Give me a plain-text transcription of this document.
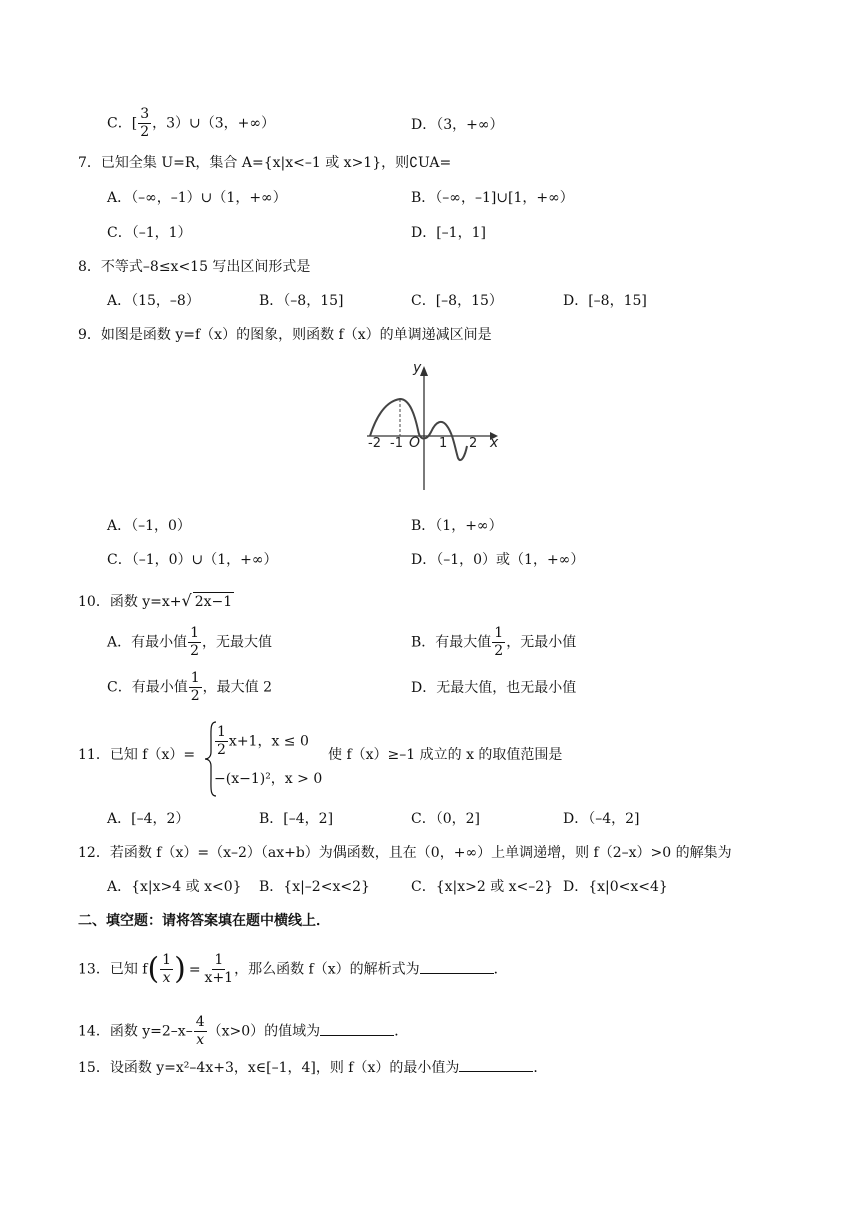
C．[ $\frac{3}{2}$ ，3）∪（3，+∞）	D．（3，+∞）
7．已知全集 U=R，集合 A={x|x<–1 或 x>1}，则∁UA=
A．（–∞，–1）∪（1，+∞）	B．（–∞，–1]∪[1，+∞）
C．（–1，1）	D．[–1，1]
8．不等式–8≤x<15 写出区间形式是
A．（15，–8）	B．（–8，15]	C．[–8，15）	D．[–8，15]
9．如图是函数 y=f（x）的图象，则函数 f（x）的单调递减区间是
y
x
O
-2 -1	1 2
A．（–1，0）	B．（1，+∞）
C．（–1，0）∪（1，+∞）	D．（–1，0）或（1，+∞）
10．函数 y=x+√ 2x−1
A．有最小值 $\frac{1}{2}$ ，无最大值	B．有最大值 $\frac{1}{2}$ ，无最小值
C．有最小值 $\frac{1}{2}$ ，最大值 2	D．无最大值，也无最小值
11．已知 $f(x)= \frac{1}{2} x+1$，x ≤ 0
−(x−1)²，x > 0
使 f（x）≥–1 成立的 x 的取值范围是
A．[–4，2）	B．[–4，2]	C．（0，2]	D．（–4，2]
12．若函数 f（x）=（x–2）（ax+b）为偶函数，且在（0，+∞）上单调递增，则 f（2–x）>0 的解集为
A．{x|x>4 或 x<0} B．{x|–2<x<2}	C．{x|x>2 或 x<–2} D．{x|0<x<4}
二、填空题：请将答案填在题中横线上．
13．已知 $f( \frac{1}{x}$ ) = $\frac{1}{x+1}$ ，那么函数 f（x）的解析式为	．
14．函数 $y=2-x- \frac{4}{x} (x>0)$的值域为	．
15．设函数 y=x²–4x+3，x∈[–1，4]，则 f（x）的最小值为	．
